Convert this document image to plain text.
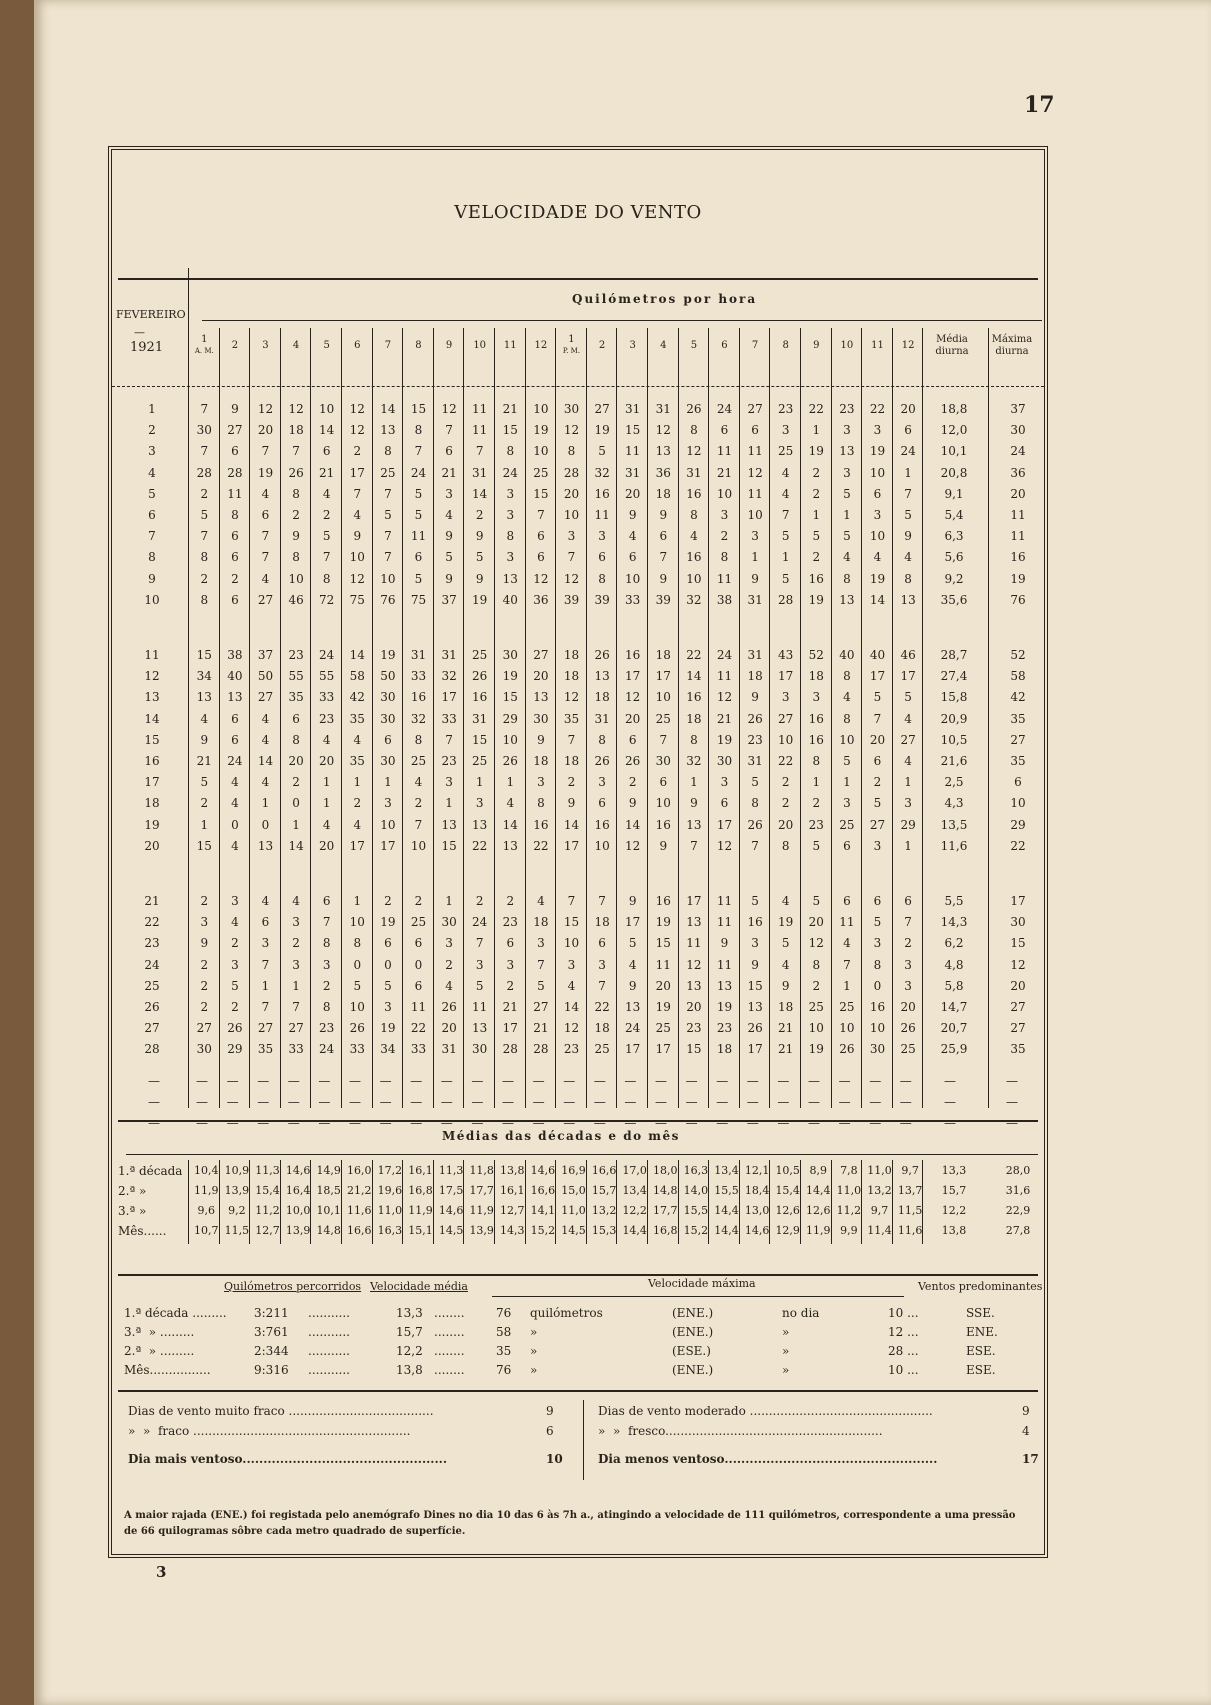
17
VELOCIDADE DO VENTO
Quilómetros por hora
FEVEREIRO
—
1921
1
A. M.	2	3	4	5	6	7	8	9	10	11	12
1
P. M.	2	3	4	5	6	7	8	9	10	11	12
Média diurna
Máxima diurna
1	7	9	12	12	10	12	14	15	12	11	21	10	30	27	31	31	26	24	27	23	22	23	22	20	18,8	37
2	30	27	20	18	14	12	13	8	7	11	15	19	12	19	15	12	8	6	6	3	1	3	3	6	12,0	30
3	7	6	7	7	6	2	8	7	6	7	8	10	8	5	11	13	12	11	11	25	19	13	19	24	10,1	24
4	28	28	19	26	21	17	25	24	21	31	24	25	28	32	31	36	31	21	12	4	2	3	10	1	20,8	36
5	2	11	4	8	4	7	7	5	3	14	3	15	20	16	20	18	16	10	11	4	2	5	6	7	9,1	20
6	5	8	6	2	2	4	5	5	4	2	3	7	10	11	9	9	8	3	10	7	1	1	3	5	5,4	11
7	7	6	7	9	5	9	7	11	9	9	8	6	3	3	4	6	4	2	3	5	5	5	10	9	6,3	11
8	8	6	7	8	7	10	7	6	5	5	3	6	7	6	6	7	16	8	1	1	2	4	4	4	5,6	16
9	2	2	4	10	8	12	10	5	9	9	13	12	12	8	10	9	10	11	9	5	16	8	19	8	9,2	19
10	8	6	27	46	72	75	76	75	37	19	40	36	39	39	33	39	32	38	31	28	19	13	14	13	35,6	76
11	15	38	37	23	24	14	19	31	31	25	30	27	18	26	16	18	22	24	31	43	52	40	40	46	28,7	52
12	34	40	50	55	55	58	50	33	32	26	19	20	18	13	17	17	14	11	18	17	18	8	17	17	27,4	58
13	13	13	27	35	33	42	30	16	17	16	15	13	12	18	12	10	16	12	9	3	3	4	5	5	15,8	42
14	4	6	4	6	23	35	30	32	33	31	29	30	35	31	20	25	18	21	26	27	16	8	7	4	20,9	35
15	9	6	4	8	4	4	6	8	7	15	10	9	7	8	6	7	8	19	23	10	16	10	20	27	10,5	27
16	21	24	14	20	20	35	30	25	23	25	26	18	18	26	26	30	32	30	31	22	8	5	6	4	21,6	35
17	5	4	4	2	1	1	1	4	3	1	1	3	2	3	2	6	1	3	5	2	1	1	2	1	2,5	6
18	2	4	1	0	1	2	3	2	1	3	4	8	9	6	9	10	9	6	8	2	2	3	5	3	4,3	10
19	1	0	0	1	4	4	10	7	13	13	14	16	14	16	14	16	13	17	26	20	23	25	27	29	13,5	29
20	15	4	13	14	20	17	17	10	15	22	13	22	17	10	12	9	7	12	7	8	5	6	3	1	11,6	22
21	2	3	4	4	6	1	2	2	1	2	2	4	7	7	9	16	17	11	5	4	5	6	6	6	5,5	17
22	3	4	6	3	7	10	19	25	30	24	23	18	15	18	17	19	13	11	16	19	20	11	5	7	14,3	30
23	9	2	3	2	8	8	6	6	3	7	6	3	10	6	5	15	11	9	3	5	12	4	3	2	6,2	15
24	2	3	7	3	3	0	0	0	2	3	3	7	3	3	4	11	12	11	9	4	8	7	8	3	4,8	12
25	2	5	1	1	2	5	5	6	4	5	2	5	4	7	9	20	13	13	15	9	2	1	0	3	5,8	20
26	2	2	7	7	8	10	3	11	26	11	21	27	14	22	13	19	20	19	13	18	25	25	16	20	14,7	27
27	27	26	27	27	23	26	19	22	20	13	17	21	12	18	24	25	23	23	26	21	10	10	10	26	20,7	27
28	30	29	35	33	24	33	34	33	31	30	28	28	23	25	17	17	15	18	17	21	19	26	30	25	25,9	35
—	— — — — — — — — — — — — — — — — — — — — — — — —	—	—
—	— — — — — — — — — — — — — — — — — — — — — — — —	—	—
—	— — — — — — — — — — — — — — — — — — — — — — — —	—	—
Médias das décadas e do mês
1.ª década 10,4 10,9 11,3 14,6 14,9 16,0 17,2 16,1 11,3 11,8 13,8 14,6 16,9 16,6 17,0 18,0 16,3 13,4 12,1 10,5 8,9	7,8 11,0 9,7	13,3	28,0
2.ª »	11,9 13,9 15,4 16,4 18,5 21,2 19,6 16,8 17,5 17,7 16,1 16,6 15,0 15,7 13,4 14,8 14,0 15,5 18,4 15,4 14,4 11,0 13,2 13,7	15,7	31,6
3.ª »	9,6	9,2 11,2 10,0 10,1 11,6 11,0 11,9 14,6 11,9 12,7 14,1 11,0 13,2 12,2 17,7 15,5 14,4 13,0 12,6 12,6 11,2 9,7 11,5	12,2	22,9
Mês......	10,7 11,5 12,7 13,9 14,8 16,6 16,3 15,1 14,5 13,9 14,3 15,2 14,5 15,3 14,4 16,8 15,2 14,4 14,6 12,9 11,9 9,9 11,4 11,6	13,8	27,8
Quilómetros percorridos Velocidade média	Velocidade máxima	Ventos predominantes
1.ª década ......... 3:211 ...........	13,3 ........	76 quilómetros	(ENE.)	no dia	10 ...	SSE.
3.ª  » .........	3:761 ...........	15,7 ........	58 »	(ENE.)	»	12 ...	ENE.
2.ª  » .........	2:344 ...........	12,2 ........	35 »	(ESE.)	»	28 ...	ESE.
Mês................	9:316 ...........	13,8 ........	76 »	(ENE.)	»	10 ...	ESE.
Dias de vento muito fraco ......................................	9	Dias de vento moderado ................................................	9
»  »  fraco .........................................................	6	»  »  fresco.........................................................	4
Dia mais ventoso.................................................	10	Dia menos ventoso...................................................	17
A maior rajada (ENE.) foi registada pelo anemógrafo Dines no dia 10 das 6 às 7h a., atingindo a velocidade de 111 quilómetros, correspondente a uma pressão de 66 quilogramas sôbre cada metro quadrado de superfície.
3
